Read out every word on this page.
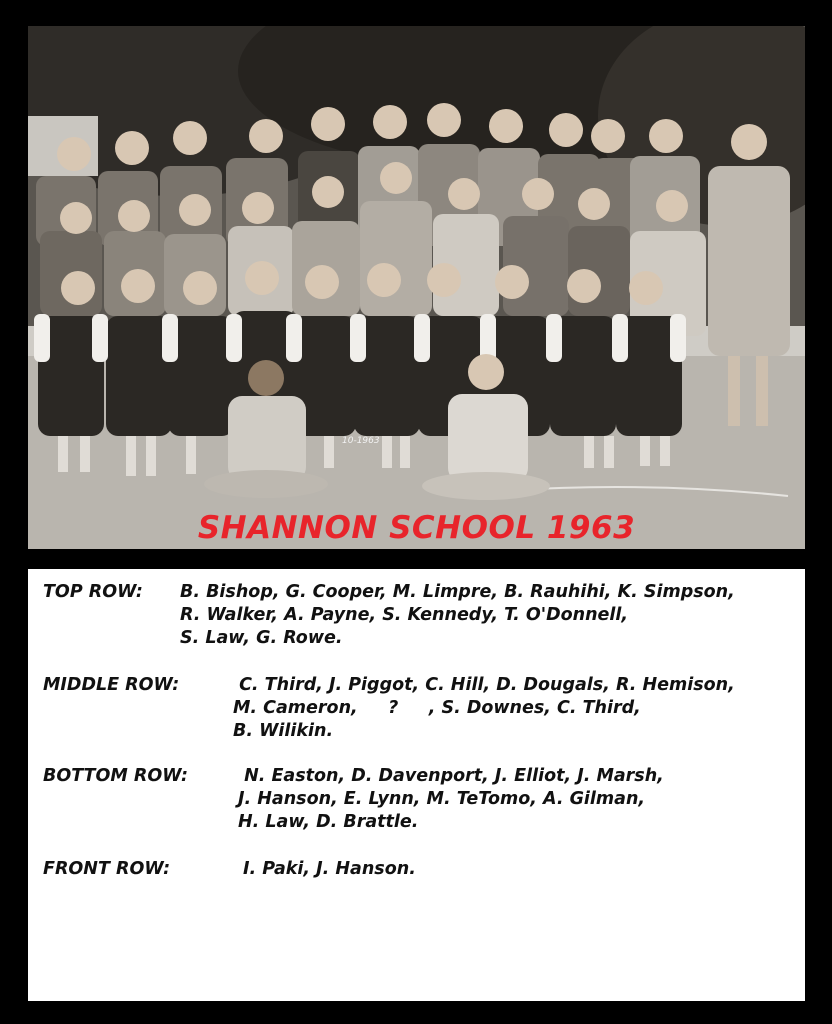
10-1963
SHANNON SCHOOL 1963
TOP ROW: B. Bishop, G. Cooper, M. Limpre, B. Rauhihi, K. Simpson,
R. Walker, A. Payne, S. Kennedy, T. O'Donnell,
S. Law, G. Rowe.
MIDDLE ROW:	C. Third, J. Piggot, C. Hill, D. Dougals, R. Hemison,
M. Cameron,     ?     , S. Downes, C. Third,
B. Wilikin.
BOTTOM ROW:	N. Easton, D. Davenport, J. Elliot, J. Marsh,
J. Hanson, E. Lynn, M. TeTomo, A. Gilman,
H. Law, D. Brattle.
FRONT ROW:	I. Paki, J. Hanson.
